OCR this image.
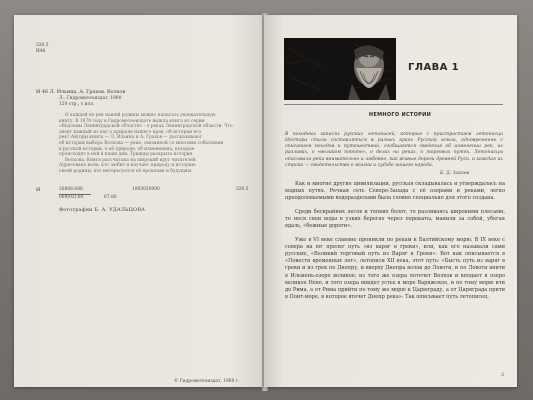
336.5

И46

И 46 Л. Ильина, А. Грахов. Волхов

Л., Гидрометеоиздат, 1980

120 стр., с илл.

О каждой из рек нашей родины можно написать увлекательную

книгу. В 1979 году в Гидрометеоиздате вышла книга из серии

«Водоемы Ленинградской области» - о реках Ленинградской области. Что

знает каждый из нас о природе нашего края, об истории его

рек? Авторы книги — Л. Ильина и А. Грахов — рассказывают

об истории выбора Волхова — реке, связанной со многими событиями

в русской истории, о её природе, об изменениях, которые

происходят в ней в наши дни. Трижды раскрыта история

Волхова. Книга рассчитана на широкий круг читателей.

Адресована всем, кто любит и изучает природу и историю

своей родины, кто интересуется её прошлым и будущим.

И	20806-086

069(02)-80	67-80

1903030000	336.5

Фотографии Б. А. УДАЛЬЦОВА

© Гидрометеоиздат, 1980 г.

ГЛАВА 1
НЕМНОГО ИСТОРИИ

В походных записях русских летописей, которые с пристрастием летописца Нестора стали составляться в разных краях Русской земли, одновременно с описанием походов и путешествий, сообщаются сведения об изменении рек, их разливах, о «великом потопе», о делах на реках, о торговых путях. Летописцы описывали реки внимательно и любовно, как живые дороги древней Руси, и каждая их строка — свидетельство о жизни и судьбе нашего народа.

Б. Д. Зайков

Как и многие другие цивилизации, русская складывалась и утверждалась на водных путях. Речная сеть Северо-Запада с её озерами и реками, легко преодолеваемыми водоразделами была словно специально для этого создана.

Среди бескрайних лесов и топких болот, то разливаясь широкими плесами, то неся свои воды в узких берегах через перекаты, манили за собой, убегая вдаль, «бежные дороги».

Уже в VI веке славяне проникли по рекам к Балтийскому морю. В IX веке с севера на юг пролег путь «из варяг в греки», или, как его называли сами русские, «Великий торговый путь из Варяг в Греки». Вот как описывается в «Повести временных лет», летописи XII века, этот путь: «Бысть путь из варяг в греки и из грек по Днепру, и вверху Днепра волок до Ловоти, и по Ловоти внити в Ильмень-озеро великое; из того же озера потечет Волхов и вподает в озеро великое Нево, и того озера внидет устье в море Варяжское, и по тому морю ити до Рима, а от Рима прийти по тому же морю к Царюграду, а от Царяграда прити в Понт-море, в которое втечет Днепр река». Так описывает путь летописец.

3
